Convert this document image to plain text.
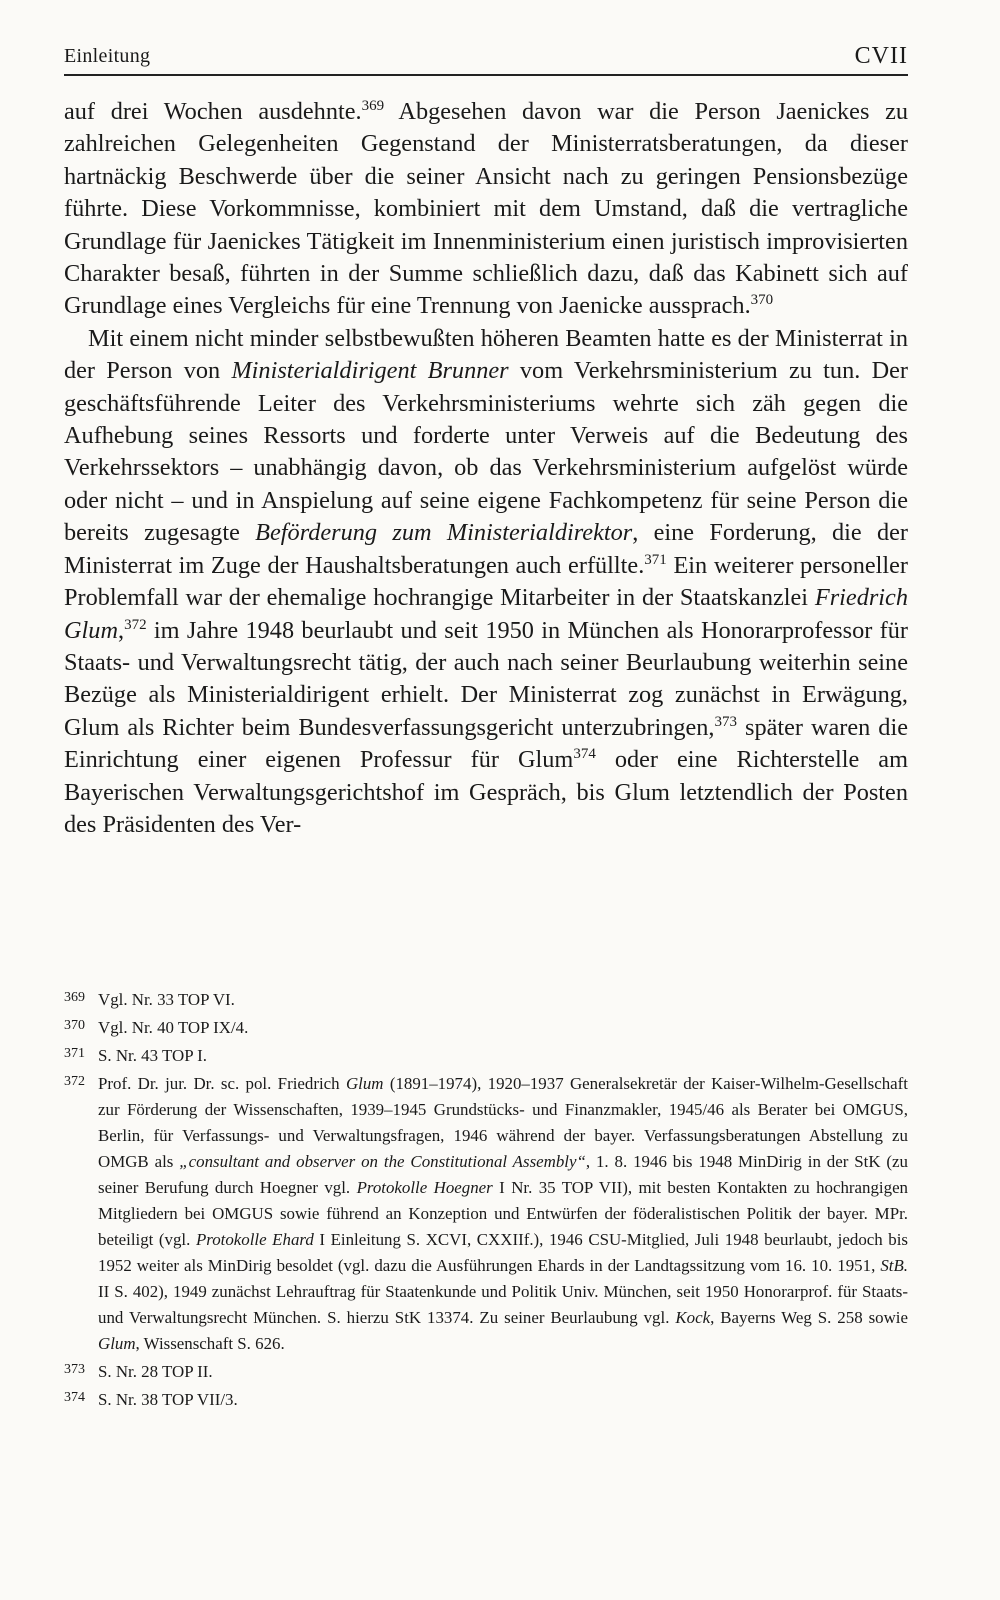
Einleitung	CVII

auf drei Wochen ausdehnte.$^{369}$ Abgesehen davon war die Person Jaenickes zu zahlreichen Gelegenheiten Gegenstand der Ministerratsberatungen, da dieser hartnäckig Beschwerde über die seiner Ansicht nach zu geringen Pensionsbezüge führte. Diese Vorkommnisse, kombiniert mit dem Umstand, daß die vertragliche Grundlage für Jaenickes Tätigkeit im Innenministerium einen juristisch improvisierten Charakter besaß, führten in der Summe schließlich dazu, daß das Kabinett sich auf Grundlage eines Vergleichs für eine Trennung von Jaenicke aussprach.$^{370}$

Mit einem nicht minder selbstbewußten höheren Beamten hatte es der Ministerrat in der Person von Ministerialdirigent Brunner vom Verkehrsministerium zu tun. Der geschäftsführende Leiter des Verkehrsministeriums wehrte sich zäh gegen die Aufhebung seines Ressorts und forderte unter Verweis auf die Bedeutung des Verkehrssektors – unabhängig davon, ob das Verkehrsministerium aufgelöst würde oder nicht – und in Anspielung auf seine eigene Fachkompetenz für seine Person die bereits zugesagte Beförderung zum Ministerialdirektor, eine Forderung, die der Ministerrat im Zuge der Haushaltsberatungen auch erfüllte.$^{371}$ Ein weiterer personeller Problemfall war der ehemalige hochrangige Mitarbeiter in der Staatskanzlei Friedrich Glum,$^{372}$ im Jahre 1948 beurlaubt und seit 1950 in München als Honorarprofessor für Staats- und Verwaltungsrecht tätig, der auch nach seiner Beurlaubung weiterhin seine Bezüge als Ministerialdirigent erhielt. Der Ministerrat zog zunächst in Erwägung, Glum als Richter beim Bundesverfassungsgericht unterzubringen,$^{373}$ später waren die Einrichtung einer eigenen Professur für Glum$^{374}$ oder eine Richterstelle am Bayerischen Verwaltungsgerichtshof im Gespräch, bis Glum letztendlich der Posten des Präsidenten des Ver-

369 Vgl. Nr. 33 TOP VI.

370 Vgl. Nr. 40 TOP IX/4.

371 S. Nr. 43 TOP I.

372 Prof. Dr. jur. Dr. sc. pol. Friedrich Glum (1891–1974), 1920–1937 Generalsekretär der Kaiser-Wilhelm-Gesellschaft zur Förderung der Wissenschaften, 1939–1945 Grundstücks- und Finanzmakler, 1945/46 als Berater bei OMGUS, Berlin, für Verfassungs- und Verwaltungsfragen, 1946 während der bayer. Verfassungsberatungen Abstellung zu OMGB als „consultant and observer on the Constitutional Assembly“, 1. 8. 1946 bis 1948 MinDirig in der StK (zu seiner Berufung durch Hoegner vgl. Protokolle Hoegner I Nr. 35 TOP VII), mit besten Kontakten zu hochrangigen Mitgliedern bei OMGUS sowie führend an Konzeption und Entwürfen der föderalistischen Politik der bayer. MPr. beteiligt (vgl. Protokolle Ehard I Einleitung S. XCVI, CXXIIf.), 1946 CSU-Mitglied, Juli 1948 beurlaubt, jedoch bis 1952 weiter als MinDirig besoldet (vgl. dazu die Ausführungen Ehards in der Landtagssitzung vom 16. 10. 1951, StB. II S. 402), 1949 zunächst Lehrauftrag für Staatenkunde und Politik Univ. München, seit 1950 Honorarprof. für Staats- und Verwaltungsrecht München. S. hierzu StK 13374. Zu seiner Beurlaubung vgl. Kock, Bayerns Weg S. 258 sowie Glum, Wissenschaft S. 626.

373 S. Nr. 28 TOP II.

374 S. Nr. 38 TOP VII/3.
